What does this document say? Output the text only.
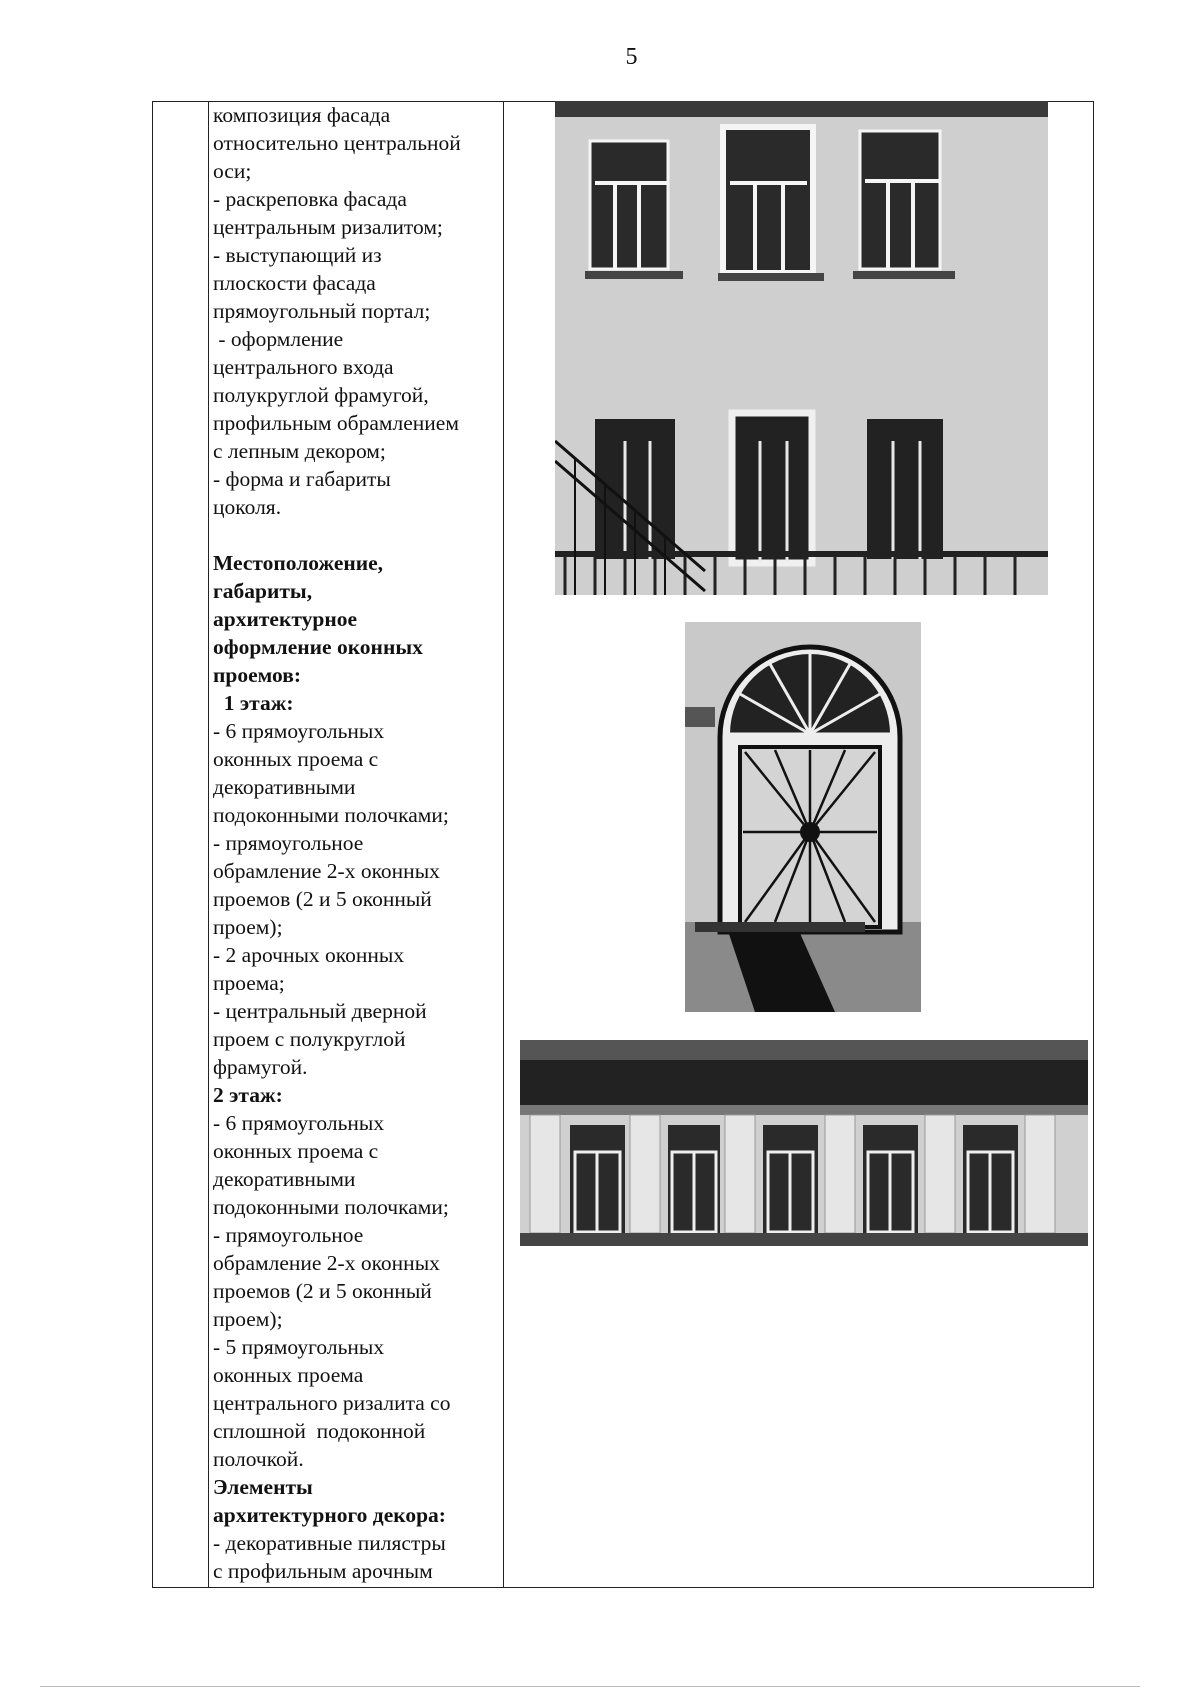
5

композиция фасада

относительно центральной

оси;

- раскреповка фасада

центральным ризалитом;

- выступающий из

плоскости фасада

прямоугольный портал;

- оформление

центрального входа

полукруглой фрамугой,

профильным обрамлением

с лепным декором;

- форма и габариты

цоколя.

Местоположение,

габариты,

архитектурное

оформление оконных

проемов:

1 этаж:

- 6 прямоугольных

оконных проема с

декоративными

подоконными полочками;

- прямоугольное

обрамление 2-х оконных

проемов (2 и 5 оконный

проем);

- 2 арочных оконных

проема;

- центральный дверной

проем с полукруглой

фрамугой.

2 этаж:

- 6 прямоугольных

оконных проема с

декоративными

подоконными полочками;

- прямоугольное

обрамление 2-х оконных

проемов (2 и 5 оконный

проем);

- 5 прямоугольных

оконных проема

центрального ризалита со

сплошной  подоконной

полочкой.

Элементы

архитектурного декора:

- декоративные пилястры

с профильным арочным
